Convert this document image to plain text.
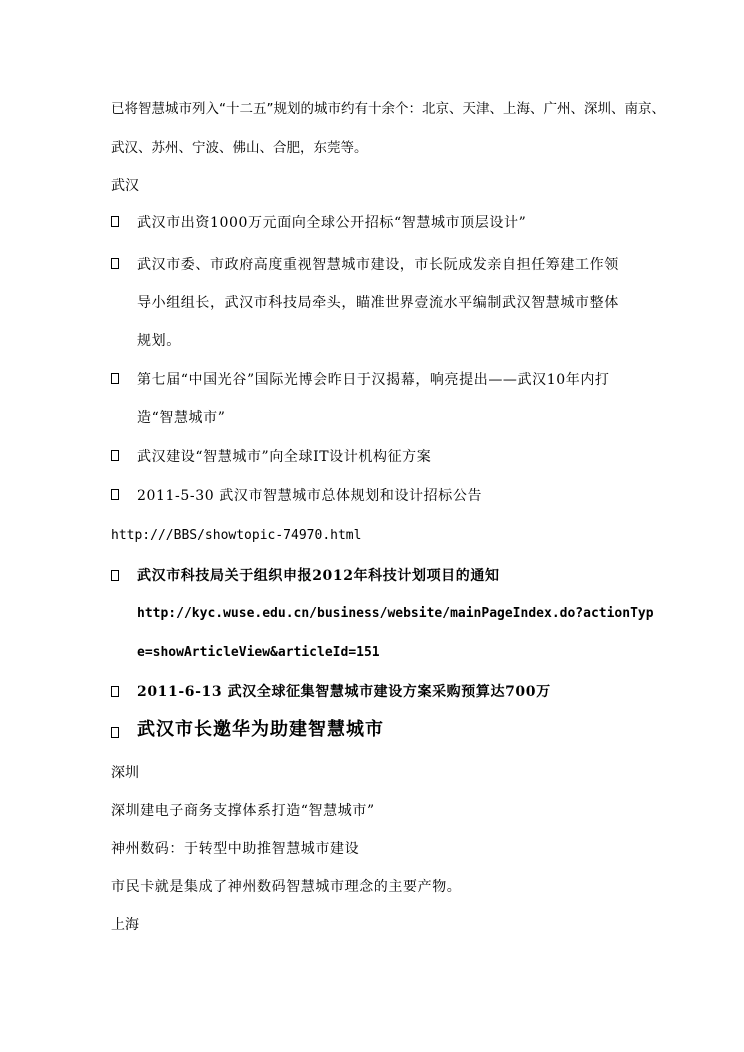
已将智慧城市列入“十二五”规划的城市约有十余个：北京、天津、上海、广州、深圳、南京、
武汉、苏州、宁波、佛山、合肥，东莞等。
武汉
武汉市出资1000万元面向全球公开招标“智慧城市顶层设计”
武汉市委、市政府高度重视智慧城市建设，市长阮成发亲自担任筹建工作领
导小组组长，武汉市科技局牵头，瞄准世界壹流水平编制武汉智慧城市整体
规划。
第七届“中国光谷”国际光博会昨日于汉揭幕，响亮提出——武汉10年内打
造“智慧城市”
武汉建设“智慧城市”向全球IT设计机构征方案
2011-5-30 武汉市智慧城市总体规划和设计招标公告
http:///BBS/showtopic-74970.html
武汉市科技局关于组织申报2012年科技计划项目的通知
http://kyc.wuse.edu.cn/business/website/mainPageIndex.do?actionTyp
e=showArticleView&articleId=151
2011-6-13 武汉全球征集智慧城市建设方案采购预算达700万
武汉市长邀华为助建智慧城市
深圳
深圳建电子商务支撑体系打造“智慧城市”
神州数码：于转型中助推智慧城市建设
市民卡就是集成了神州数码智慧城市理念的主要产物。
上海
